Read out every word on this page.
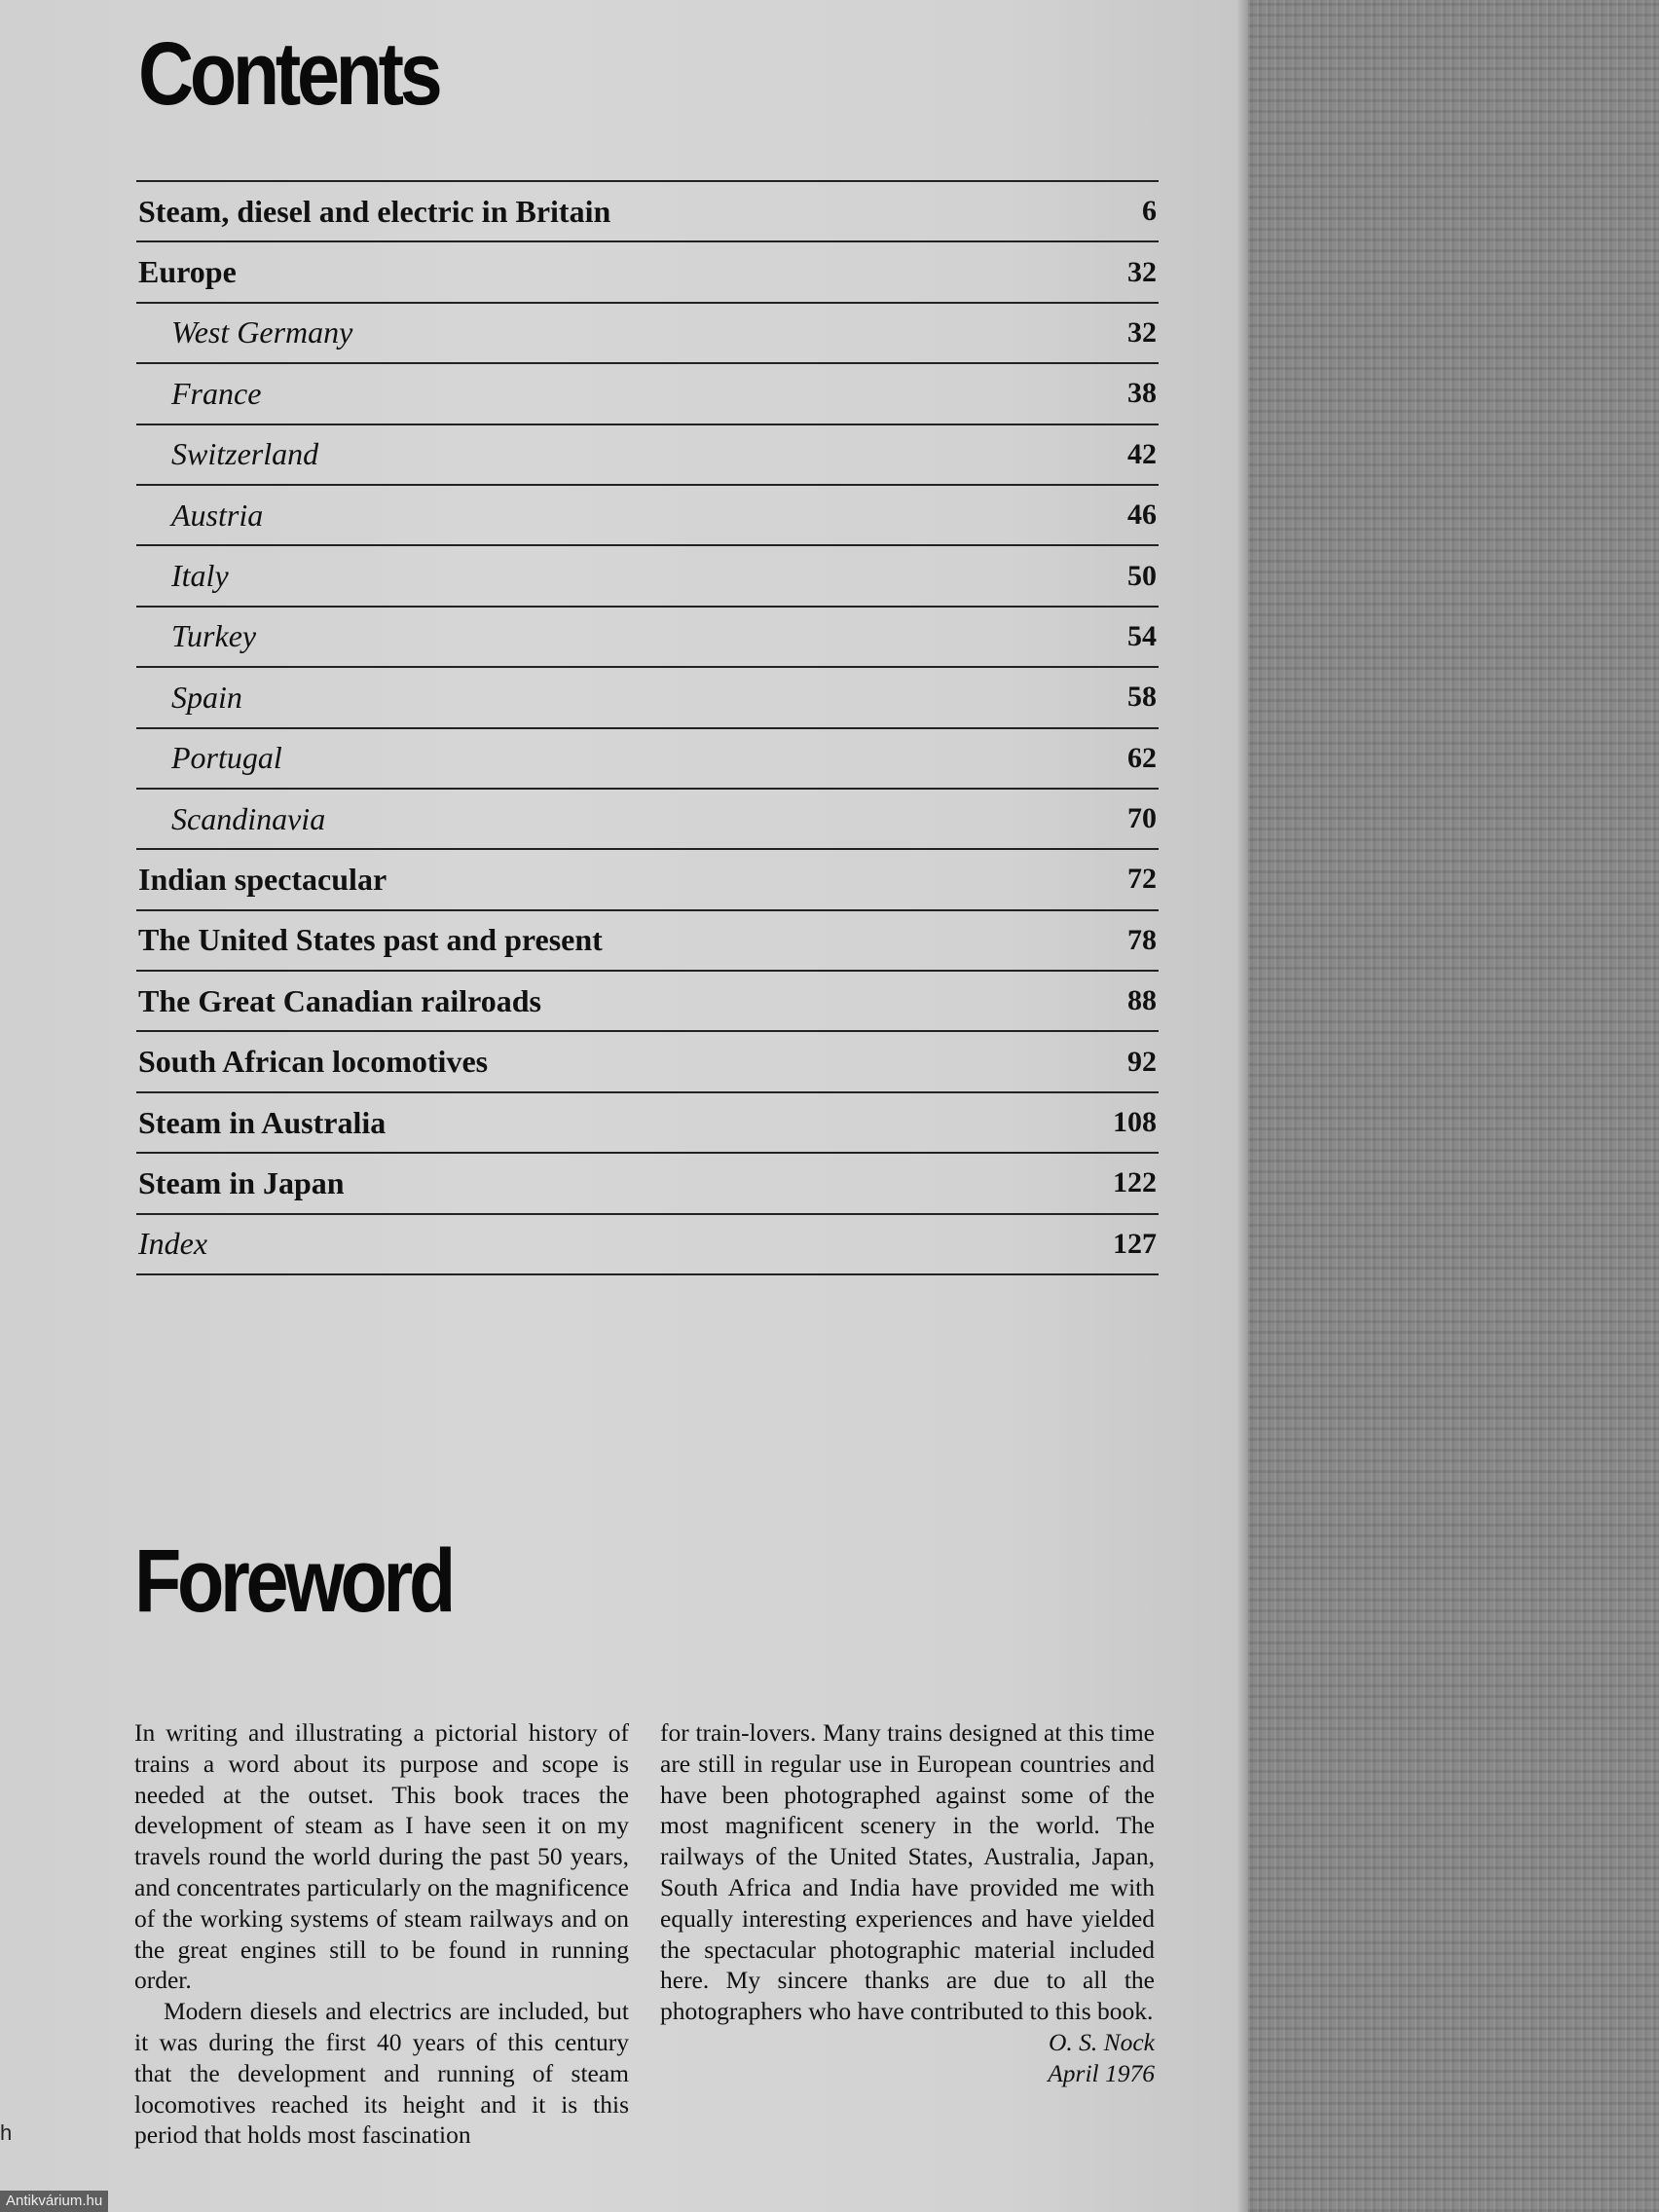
Contents
Steam, diesel and electric in Britain	6
Europe	32
West Germany	32
France	38
Switzerland	42
Austria	46
Italy	50
Turkey	54
Spain	58
Portugal	62
Scandinavia	70
Indian spectacular	72
The United States past and present	78
The Great Canadian railroads	88
South African locomotives	92
Steam in Australia	108
Steam in Japan	122
Index	127
Foreword

In writing and illustrating a pictorial history of trains a word about its purpose and scope is needed at the outset. This book traces the development of steam as I have seen it on my travels round the world during the past 50 years, and concentrates particularly on the magnificence of the working systems of steam railways and on the great engines still to be found in running order.

Modern diesels and electrics are included, but it was during the first 40 years of this century that the development and running of steam locomotives reached its height and it is this period that holds most fascination

for train-lovers. Many trains designed at this time are still in regular use in European countries and have been photographed against some of the most magnificent scenery in the world. The railways of the United States, Australia, Japan, South Africa and India have provided me with equally interesting experiences and have yielded the spectacular photographic material included here. My sincere thanks are due to all the photographers who have contributed to this book.

O. S. Nock

April 1976

h
Antikvárium.hu
